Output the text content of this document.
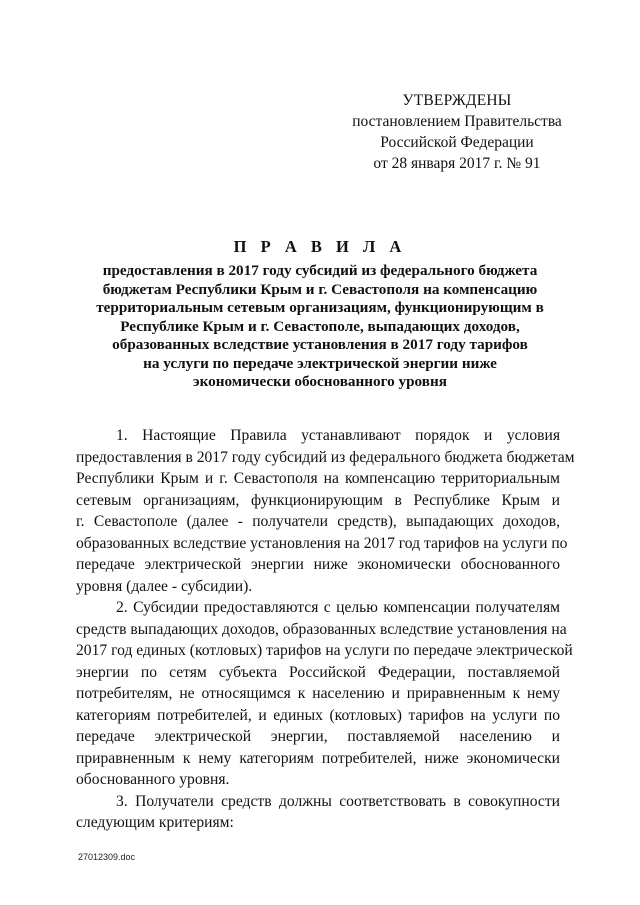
УТВЕРЖДЕНЫ
постановлением Правительства
Российской Федерации
от 28 января 2017 г. № 91
П Р А В И Л А
предоставления в 2017 году субсидий из федерального бюджета
бюджетам Республики Крым и г. Севастополя на компенсацию
территориальным сетевым организациям, функционирующим в
Республике Крым и г. Севастополе, выпадающих доходов,
образованных вследствие установления в 2017 году тарифов
на услуги по передаче электрической энергии ниже
экономически обоснованного уровня
1. Настоящие Правила устанавливают порядок и условия
предоставления в 2017 году субсидий из федерального бюджета бюджетам
Республики Крым и г. Севастополя на компенсацию территориальным
сетевым организациям, функционирующим в Республике Крым и
г. Севастополе (далее - получатели средств), выпадающих доходов,
образованных вследствие установления на 2017 год тарифов на услуги по
передаче электрической энергии ниже экономически обоснованного
уровня (далее - субсидии).
2. Субсидии предоставляются с целью компенсации получателям
средств выпадающих доходов, образованных вследствие установления на
2017 год единых (котловых) тарифов на услуги по передаче электрической
энергии по сетям субъекта Российской Федерации, поставляемой
потребителям, не относящимся к населению и приравненным к нему
категориям потребителей, и единых (котловых) тарифов на услуги по
передаче электрической энергии, поставляемой населению и
приравненным к нему категориям потребителей, ниже экономически
обоснованного уровня.
3. Получатели средств должны соответствовать в совокупности
следующим критериям:
27012309.doc
